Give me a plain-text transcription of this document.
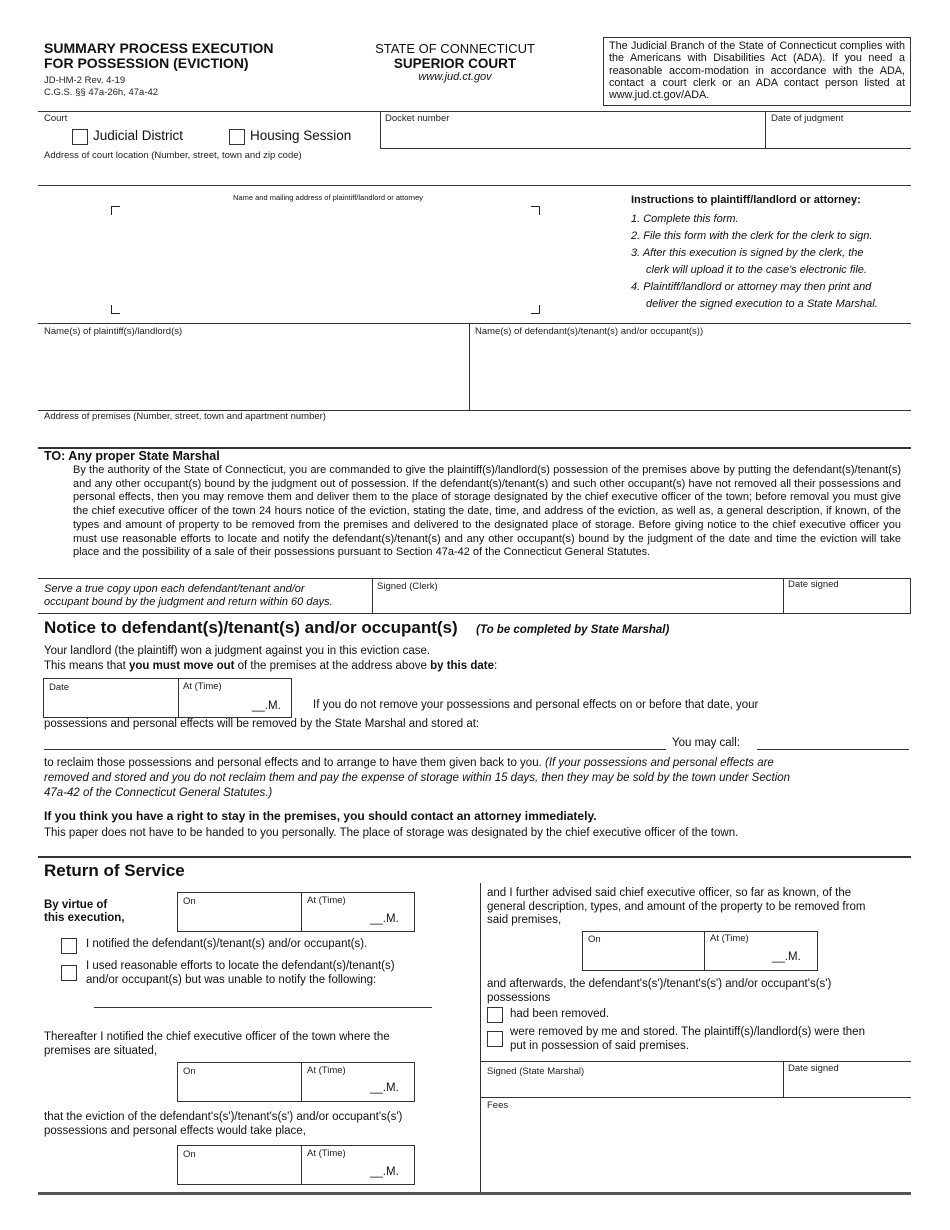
SUMMARY PROCESS EXECUTION
FOR POSSESSION (EVICTION)
JD-HM-2 Rev. 4-19
C.G.S. §§ 47a-26h, 47a-42
STATE OF CONNECTICUT
SUPERIOR COURT
www.jud.ct.gov
The Judicial Branch of the State of Connecticut complies with the Americans with Disabilities Act (ADA). If you need a reasonable accom-modation in accordance with the ADA, contact a court clerk or an ADA contact person listed at www.jud.ct.gov/ADA.
Court
Judicial District	Housing Session
Docket number	Date of judgment
Address of court location (Number, street, town and zip code)
Name and mailing address of plaintiff/landlord or attorney	Instructions to plaintiff/landlord or attorney:
1. Complete this form.
2. File this form with the clerk for the clerk to sign.
3. After this execution is signed by the clerk, the
clerk will upload it to the case's electronic file.
4. Plaintiff/landlord or attorney may then print and
deliver the signed execution to a State Marshal.
Name(s) of plaintiff(s)/landlord(s)	Name(s) of defendant(s)/tenant(s) and/or occupant(s))
Address of premises (Number, street, town and apartment number)
TO: Any proper State Marshal
By the authority of the State of Connecticut, you are commanded to give the plaintiff(s)/landlord(s) possession of the premises above by putting the defendant(s)/tenant(s) and any other occupant(s) bound by the judgment out of possession. If the defendant(s)/tenant(s) and such other occupant(s) have not removed all their possessions and personal effects, then you may remove them and deliver them to the place of storage designated by the chief executive officer of the town; before removal you must give the chief executive officer of the town 24 hours notice of the eviction, stating the date, time, and address of the eviction, as well as, a general description, if known, of the types and amount of property to be removed from the premises and delivered to the designated place of storage. Before giving notice to the chief executive officer you must use reasonable efforts to locate and notify the defendant(s)/tenant(s) and any other occupant(s) bound by the judgment of the date and time the eviction will take place and the possibility of a sale of their possessions pursuant to Section 47a-42 of the Connecticut General Statutes.
Serve a true copy upon each defendant/tenant and/or
occupant bound by the judgment and return within 60 days.
Signed (Clerk)	Date signed
Notice to defendant(s)/tenant(s) and/or occupant(s) (To be completed by State Marshal)
Your landlord (the plaintiff) won a judgment against you in this eviction case.
This means that you must move out of the premises at the address above by this date:
Date	At (Time)
__.M.	If you do not remove your possessions and personal effects on or before that date, your
possessions and personal effects will be removed by the State Marshal and stored at:
You may call:
to reclaim those possessions and personal effects and to arrange to have them given back to you. (If your possessions and personal effects are
removed and stored and you do not reclaim them and pay the expense of storage within 15 days, then they may be sold by the town under Section
47a-42 of the Connecticut General Statutes.)
If you think you have a right to stay in the premises, you should contact an attorney immediately.
This paper does not have to be handed to you personally. The place of storage was designated by the chief executive officer of the town.
Return of Service
By virtue of
this execution,
On	At (Time)
__.M.
I notified the defendant(s)/tenant(s) and/or occupant(s).
I used reasonable efforts to locate the defendant(s)/tenant(s)
and/or occupant(s) but was unable to notify the following:
Thereafter I notified the chief executive officer of the town where the
premises are situated,
On	At (Time)
__.M.
that the eviction of the defendant's(s')/tenant's(s') and/or occupant's(s')
possessions and personal effects would take place,
On	At (Time)
__.M.
and I further advised said chief executive officer, so far as known, of the
general description, types, and amount of the property to be removed from
said premises,
On	At (Time)
__.M.
and afterwards, the defendant's(s')/tenant's(s') and/or occupant's(s')
possessions
had been removed.
were removed by me and stored. The plaintiff(s)/landlord(s) were then
put in possession of said premises.
Signed (State Marshal)	Date signed
Fees
